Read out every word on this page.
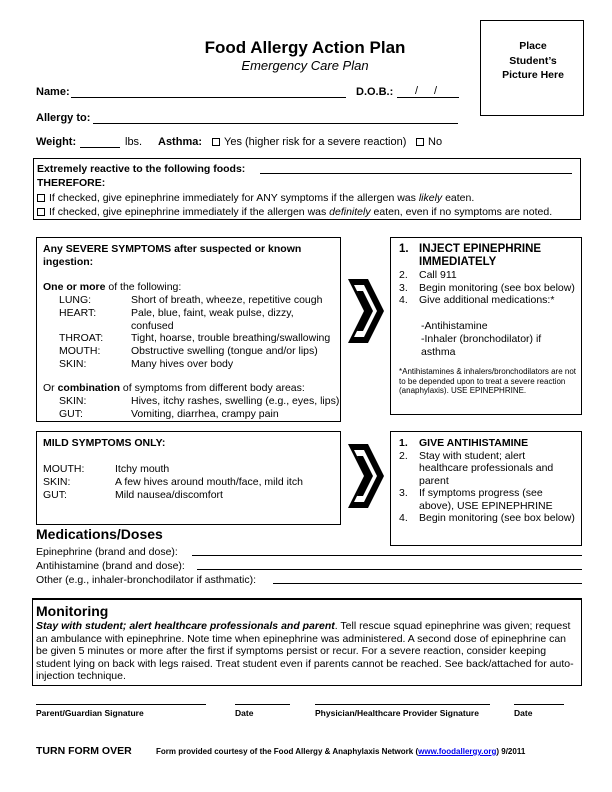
Food Allergy Action Plan
Emergency Care Plan
Place Student’s Picture Here
Name:	D.O.B.: / /
Allergy to:
Weight:	lbs. Asthma:	Yes (higher risk for a severe reaction)	No
Extremely reactive to the following foods:
THEREFORE:
If checked, give epinephrine immediately for ANY symptoms if the allergen was likely eaten.
If checked, give epinephrine immediately if the allergen was definitely eaten, even if no symptoms are noted.
Any SEVERE SYMPTOMS after suspected or known ingestion:
One or more of the following:
LUNG:	Short of breath, wheeze, repetitive cough
HEART:	Pale, blue, faint, weak pulse, dizzy, confused
THROAT:	Tight, hoarse, trouble breathing/swallowing
MOUTH:	Obstructive swelling (tongue and/or lips)
SKIN:	Many hives over body
Or combination of symptoms from different body areas:
SKIN:	Hives, itchy rashes, swelling (e.g., eyes, lips)
GUT:	Vomiting, diarrhea, crampy pain
1. INJECT EPINEPHRINE IMMEDIATELY
2. Call 911
3. Begin monitoring (see box below)
4. Give additional medications:*
-Antihistamine
-Inhaler (bronchodilator) if asthma
*Antihistamines & inhalers/bronchodilators are not to be depended upon to treat a severe reaction (anaphylaxis). USE EPINEPHRINE.
MILD SYMPTOMS ONLY:
MOUTH:	Itchy mouth
SKIN:	A few hives around mouth/face, mild itch
GUT:	Mild nausea/discomfort
1. GIVE ANTIHISTAMINE
2. Stay with student; alert healthcare professionals and parent
3. If symptoms progress (see above), USE EPINEPHRINE
4. Begin monitoring (see box below)
Medications/Doses
Epinephrine (brand and dose):
Antihistamine (brand and dose):
Other (e.g., inhaler-bronchodilator if asthmatic):
Monitoring
Stay with student; alert healthcare professionals and parent. Tell rescue squad epinephrine was given; request an ambulance with epinephrine. Note time when epinephrine was administered. A second dose of epinephrine can be given 5 minutes or more after the first if symptoms persist or recur. For a severe reaction, consider keeping student lying on back with legs raised. Treat student even if parents cannot be reached. See back/attached for auto-injection technique.
Parent/Guardian Signature	Date	Physician/Healthcare Provider Signature	Date
TURN FORM OVER	Form provided courtesy of the Food Allergy & Anaphylaxis Network (www.foodallergy.org) 9/2011
